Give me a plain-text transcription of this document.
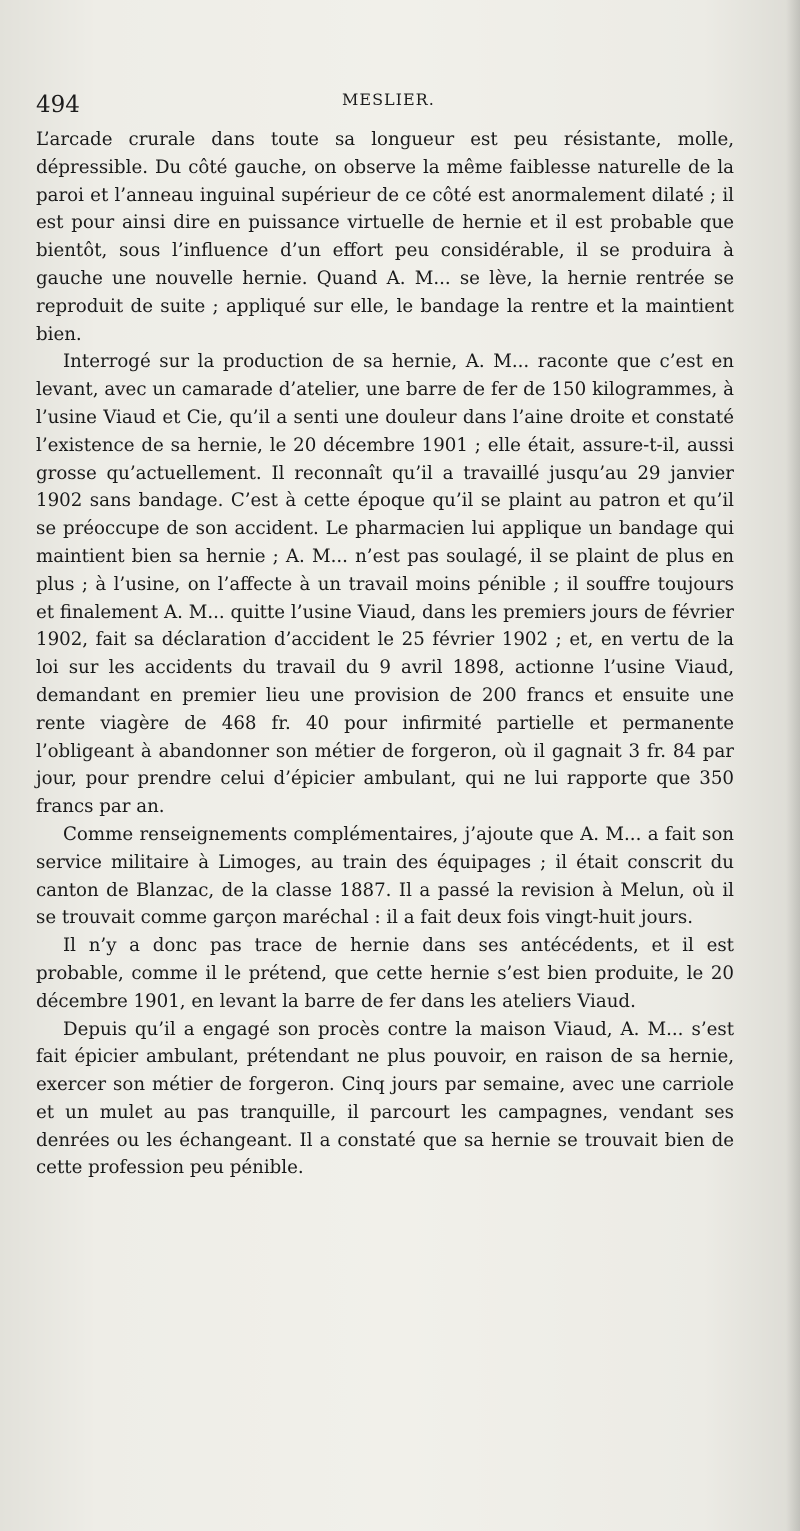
494	MESLIER.

L’arcade crurale dans toute sa longueur est peu résistante, molle, dépressible. Du côté gauche, on observe la même faiblesse naturelle de la paroi et l’anneau inguinal supérieur de ce côté est anormalement dilaté ; il est pour ainsi dire en puissance virtuelle de hernie et il est probable que bientôt, sous l’influence d’un effort peu considérable, il se produira à gauche une nouvelle hernie. Quand A. M... se lève, la hernie rentrée se reproduit de suite ; appliqué sur elle, le bandage la rentre et la maintient bien.

Interrogé sur la production de sa hernie, A. M... raconte que c’est en levant, avec un camarade d’atelier, une barre de fer de 150 kilogrammes, à l’usine Viaud et Cie, qu’il a senti une douleur dans l’aine droite et constaté l’existence de sa hernie, le 20 décembre 1901 ; elle était, assure-t-il, aussi grosse qu’actuellement. Il reconnaît qu’il a travaillé jusqu’au 29 janvier 1902 sans bandage. C’est à cette époque qu’il se plaint au patron et qu’il se préoccupe de son accident. Le pharmacien lui applique un bandage qui maintient bien sa hernie ; A. M... n’est pas soulagé, il se plaint de plus en plus ; à l’usine, on l’affecte à un travail moins pénible ; il souffre toujours et finalement A. M... quitte l’usine Viaud, dans les premiers jours de février 1902, fait sa déclaration d’accident le 25 février 1902 ; et, en vertu de la loi sur les accidents du travail du 9 avril 1898, actionne l’usine Viaud, demandant en premier lieu une provision de 200 francs et ensuite une rente viagère de 468 fr. 40 pour infirmité partielle et permanente l’obligeant à abandonner son métier de forgeron, où il gagnait 3 fr. 84 par jour, pour prendre celui d’épicier ambulant, qui ne lui rapporte que 350 francs par an.

Comme renseignements complémentaires, j’ajoute que A. M... a fait son service militaire à Limoges, au train des équipages ; il était conscrit du canton de Blanzac, de la classe 1887. Il a passé la revision à Melun, où il se trouvait comme garçon maréchal : il a fait deux fois vingt-huit jours.

Il n’y a donc pas trace de hernie dans ses antécédents, et il est probable, comme il le prétend, que cette hernie s’est bien produite, le 20 décembre 1901, en levant la barre de fer dans les ateliers Viaud.

Depuis qu’il a engagé son procès contre la maison Viaud, A. M... s’est fait épicier ambulant, prétendant ne plus pouvoir, en raison de sa hernie, exercer son métier de forgeron. Cinq jours par semaine, avec une carriole et un mulet au pas tranquille, il parcourt les campagnes, vendant ses denrées ou les échangeant. Il a constaté que sa hernie se trouvait bien de cette profession peu pénible.
